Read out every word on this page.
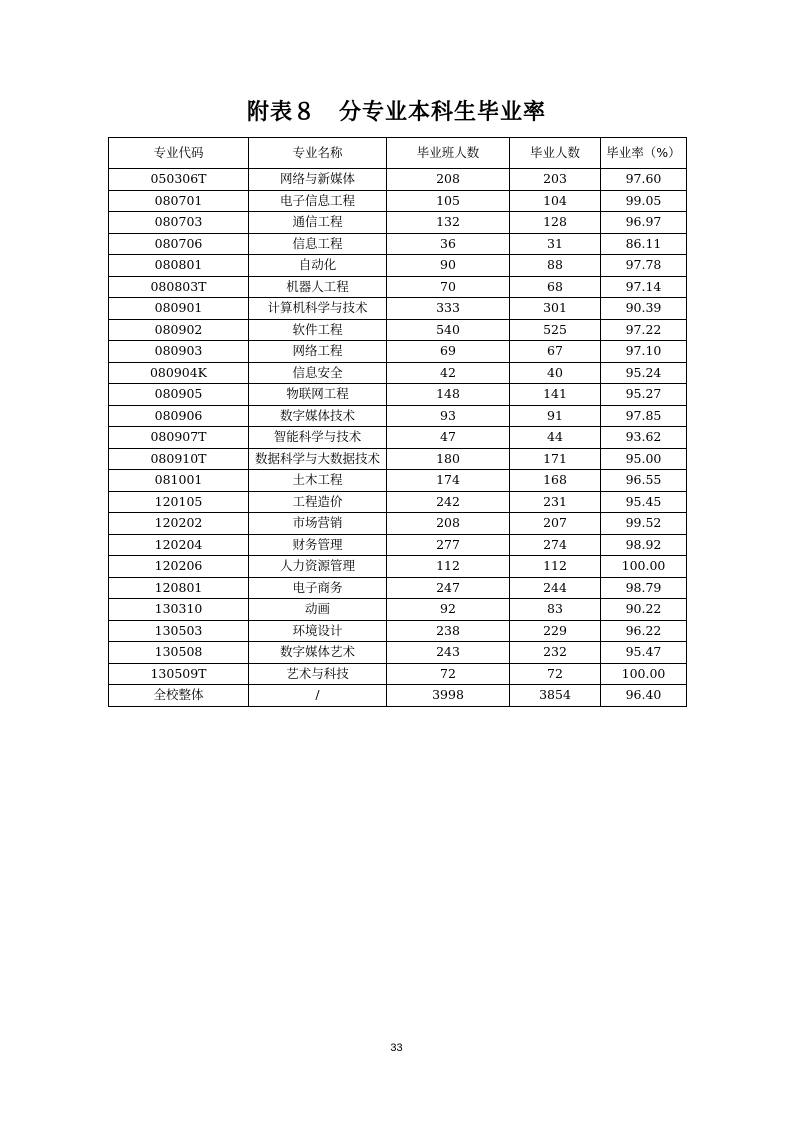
附表８　分专业本科生毕业率
专业代码	专业名称	毕业班人数	毕业人数	毕业率（%）
050306T	网络与新媒体	208	203	97.60
080701	电子信息工程	105	104	99.05
080703	通信工程	132	128	96.97
080706	信息工程	36	31	86.11
080801	自动化	90	88	97.78
080803T	机器人工程	70	68	97.14
080901	计算机科学与技术	333	301	90.39
080902	软件工程	540	525	97.22
080903	网络工程	69	67	97.10
080904K	信息安全	42	40	95.24
080905	物联网工程	148	141	95.27
080906	数字媒体技术	93	91	97.85
080907T	智能科学与技术	47	44	93.62
080910T	数据科学与大数据技术	180	171	95.00
081001	土木工程	174	168	96.55
120105	工程造价	242	231	95.45
120202	市场营销	208	207	99.52
120204	财务管理	277	274	98.92
120206	人力资源管理	112	112	100.00
120801	电子商务	247	244	98.79
130310	动画	92	83	90.22
130503	环境设计	238	229	96.22
130508	数字媒体艺术	243	232	95.47
130509T	艺术与科技	72	72	100.00
全校整体	/	3998	3854	96.40
33
